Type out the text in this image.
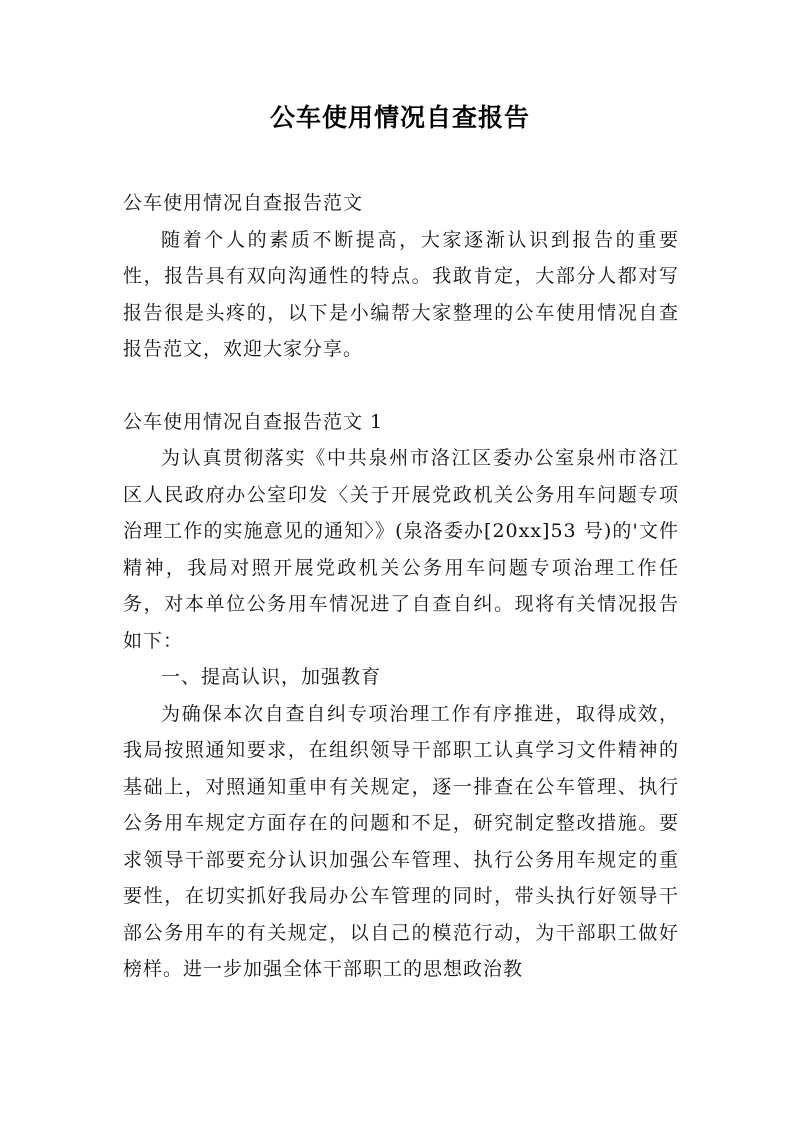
公车使用情况自查报告

公车使用情况自查报告范文

随着个人的素质不断提高，大家逐渐认识到报告的重要性，报告具有双向沟通性的特点。我敢肯定，大部分人都对写报告很是头疼的，以下是小编帮大家整理的公车使用情况自查报告范文，欢迎大家分享。

公车使用情况自查报告范文 1

为认真贯彻落实《中共泉州市洛江区委办公室泉州市洛江区人民政府办公室印发〈关于开展党政机关公务用车问题专项治理工作的实施意见的通知〉》(泉洛委办[20xx]53 号)的'文件精神，我局对照开展党政机关公务用车问题专项治理工作任务，对本单位公务用车情况进了自查自纠。现将有关情况报告如下：

一、提高认识，加强教育

为确保本次自查自纠专项治理工作有序推进，取得成效，我局按照通知要求，在组织领导干部职工认真学习文件精神的基础上，对照通知重申有关规定，逐一排查在公车管理、执行公务用车规定方面存在的问题和不足，研究制定整改措施。要求领导干部要充分认识加强公车管理、执行公务用车规定的重要性，在切实抓好我局办公车管理的同时，带头执行好领导干部公务用车的有关规定，以自己的模范行动，为干部职工做好榜样。进一步加强全体干部职工的思想政治教
